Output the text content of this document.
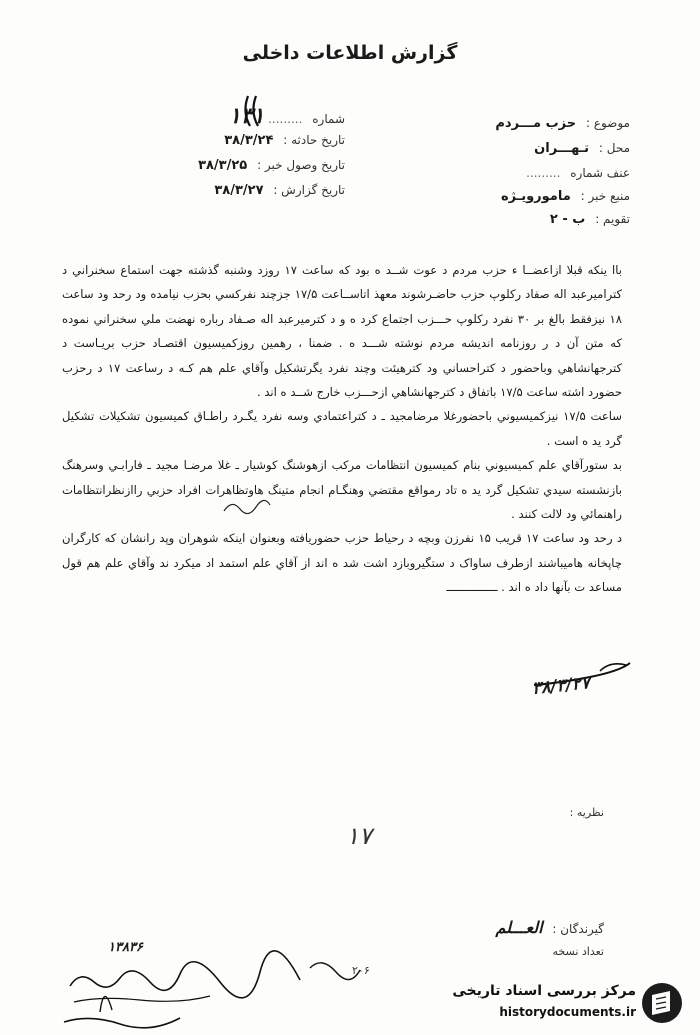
گزارش اطلاعات داخلی
موضوع : حزب مـــردم
محل : تـهـــران
عنف شماره .........
منبع خبر : مامورویـژه
تقویم : ب - ۲
شماره ......... ۱۳۱
تاریخ حادثه : ۳۸/۳/۲۴
تاریخ وصول خبر : ۳۸/۳/۲۵
تاریخ گزارش : ۳۸/۳/۲۷

باا ینکه قبلا ازاعضــا ء حزب مردم د عوت شــد ه بود که ساعت ۱۷ روزد وشنبه گذشته جهت استماع سخنراني د کتراميرعبد اله صفاد رکلوپ حزب حاضـرشوند معهذ اتاســاعت ۱۷/۵ جزچند نفرکسي بحزب نيامده ود رحد ود ساعت ۱۸ نيزفقط بالغ بر ۳۰ نفرد رکلوپ حـــزب اجتماع کرد ه و د کترميرعبد اله صـفاد رباره نهضت ملي سخنراني نموده که متن آن د ر روزنامه انديشه مردم نوشته شـــد ه . ضمنا ، رهمين روزکميسيون اقتصـاد حزب بريـاست د کترجهانشاهي وباحضور د کتراحساني ود کترهيئت وچند نفرد يگرتشکيل وآقاي علم هم کـه د رساعت ۱۷ د رحزب حضورد اشته ساعت ۱۷/۵ باتفاق د کترجهانشاهي ازحـــزب خارج شــد ه اند .

ساعت ۱۷/۵ نيزکميسيوني باحضورغلا مرضامجيد ـ د کتراعتمادي وسه نفرد يگـرد راطـاق کميسيون تشکيلات تشکيل گرد يد ه است .

بد ستورآقاي علم کميسيوني بنام کميسيون انتظامات مرکب ازهوشنگ کوشيار ـ غلا مرضـا مجيد ـ فارابـي وسرهنگ بازنشسته سيدي تشکيل گرد يد ه تاد رمواقع مقتضي وهنگـام انجام متينگ هاوتظاهرات افراد حزبي راازنظرانتظامات راهنمائي ود لالت کنند .

د رحد ود ساعت ۱۷ قريب ۱۵ نفرزن وبچه د رحياط حزب حضوريافته وبعنوان اينکه شوهران وپد رانشان که کارگران چاپخانه هاميباشند ازطرف ساواک د ستگيروبازد اشت شد ه اند از آقاي علم استمد اد ميکرد ند وآقاي علم هم قول مساعد ت بآنها داد ه اند . ـــــــــــــــ

۳۸/۳/۲۷
نظریه :
۱۷
گیرندگان : العـــلم
تعداد نسخه
۱۳۸۳۶
۲۰۶
مرکز بررسی اسناد تاریخی
historydocuments.ir
